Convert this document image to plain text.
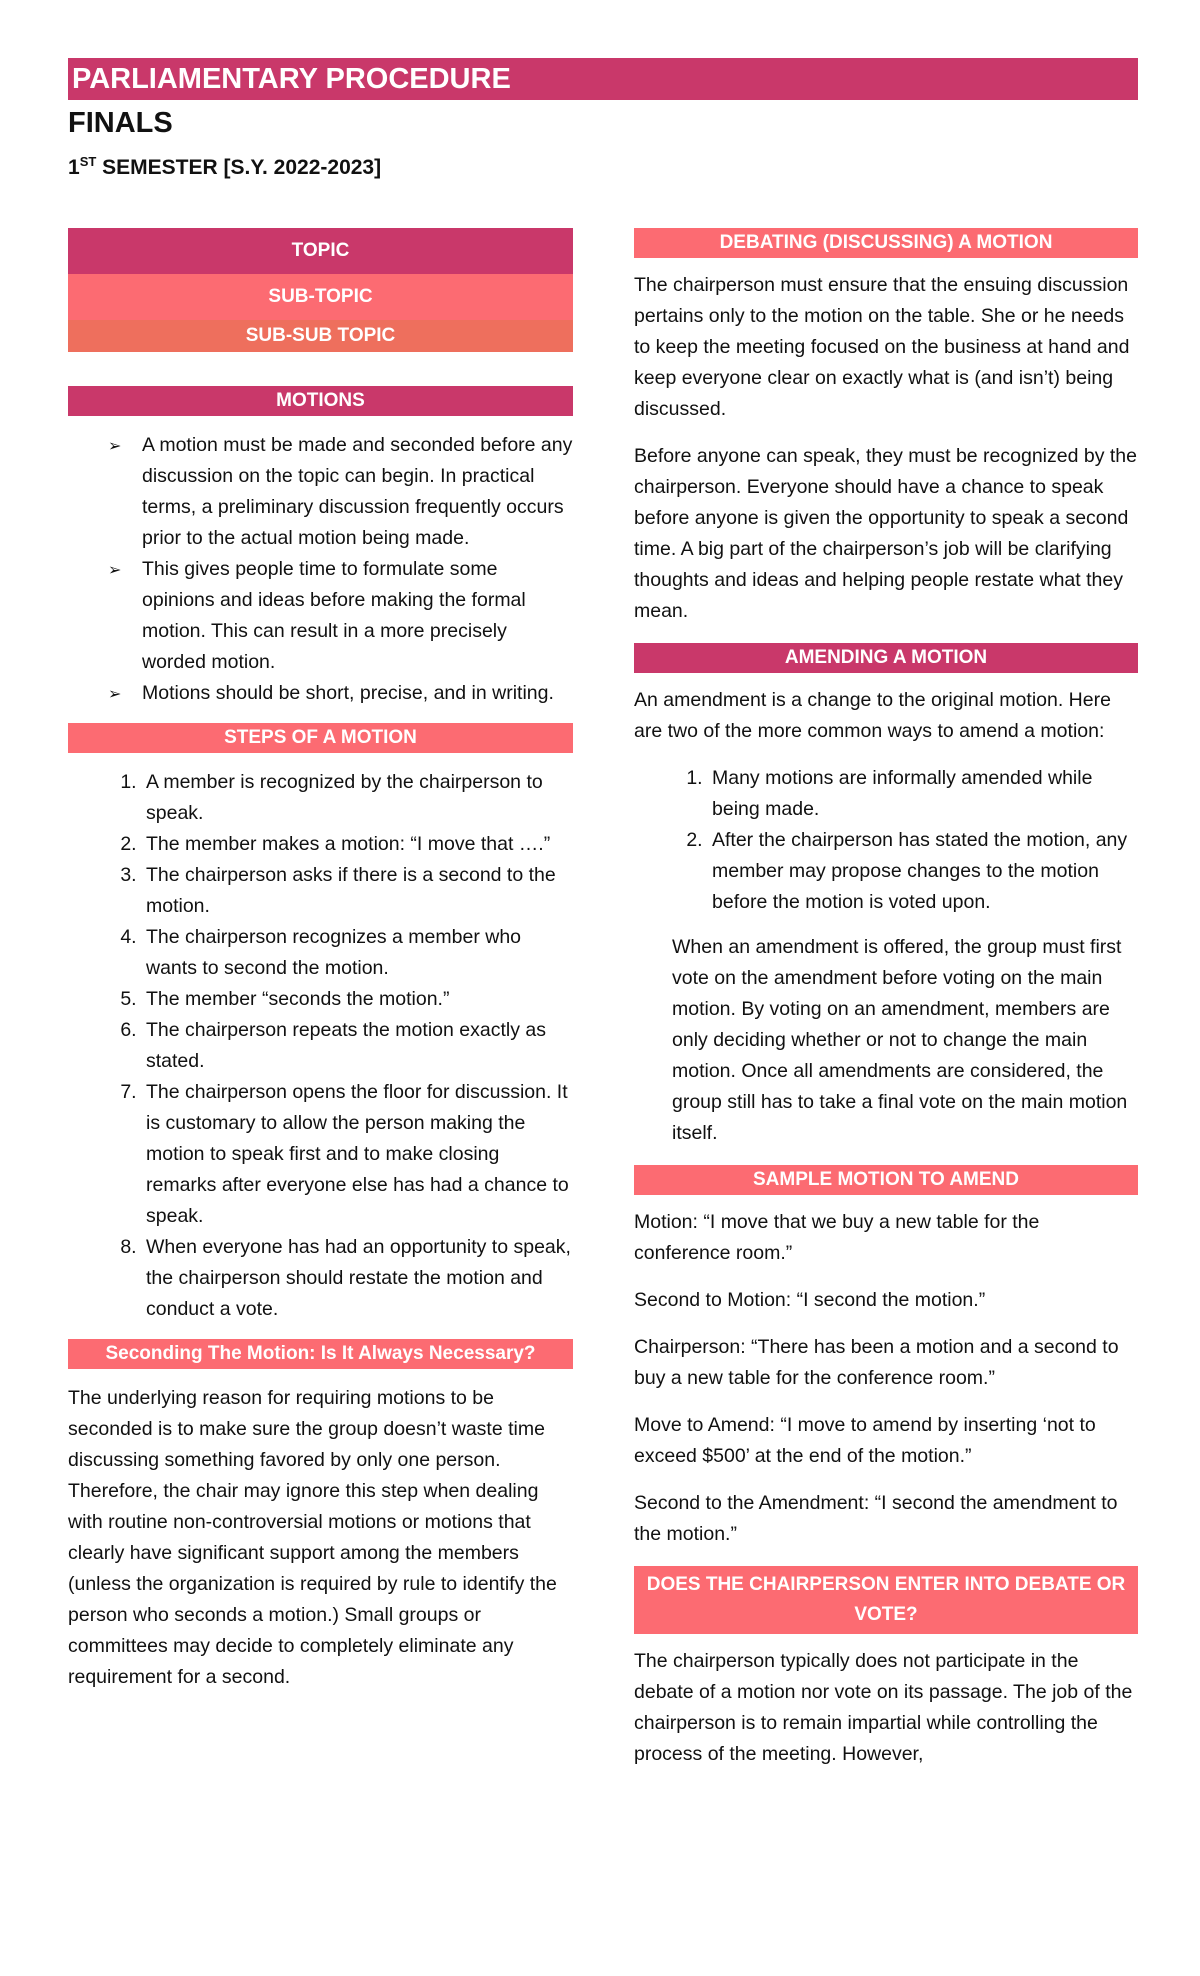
PARLIAMENTARY PROCEDURE
FINALS
1ST SEMESTER [S.Y. 2022-2023]
TOPIC
SUB-TOPIC
SUB-SUB TOPIC
MOTIONS
➢ A motion must be made and seconded before any discussion on the topic can begin. In practical terms, a preliminary discussion frequently occurs prior to the actual motion being made.
➢ This gives people time to formulate some opinions and ideas before making the formal motion. This can result in a more precisely worded motion.
➢ Motions should be short, precise, and in writing.
STEPS OF A MOTION
1. A member is recognized by the chairperson to speak.
2. The member makes a motion: “I move that ….”
3. The chairperson asks if there is a second to the motion.
4. The chairperson recognizes a member who wants to second the motion.
5. The member “seconds the motion.”
6. The chairperson repeats the motion exactly as stated.
7. The chairperson opens the floor for discussion. It is customary to allow the person making the motion to speak first and to make closing remarks after everyone else has had a chance to speak.
8. When everyone has had an opportunity to speak, the chairperson should restate the motion and conduct a vote.
Seconding The Motion: Is It Always Necessary?

The underlying reason for requiring motions to be seconded is to make sure the group doesn’t waste time discussing something favored by only one person. Therefore, the chair may ignore this step when dealing with routine non-controversial motions or motions that clearly have significant support among the members (unless the organization is required by rule to identify the person who seconds a motion.) Small groups or committees may decide to completely eliminate any requirement for a second.

DEBATING (DISCUSSING) A MOTION

The chairperson must ensure that the ensuing discussion pertains only to the motion on the table. She or he needs to keep the meeting focused on the business at hand and keep everyone clear on exactly what is (and isn’t) being discussed.

Before anyone can speak, they must be recognized by the chairperson. Everyone should have a chance to speak before anyone is given the opportunity to speak a second time. A big part of the chairperson’s job will be clarifying thoughts and ideas and helping people restate what they mean.

AMENDING A MOTION

An amendment is a change to the original motion. Here are two of the more common ways to amend a motion:

1. Many motions are informally amended while being made.
2. After the chairperson has stated the motion, any member may propose changes to the motion before the motion is voted upon.

When an amendment is offered, the group must first vote on the amendment before voting on the main motion. By voting on an amendment, members are only deciding whether or not to change the main motion. Once all amendments are considered, the group still has to take a final vote on the main motion itself.

SAMPLE MOTION TO AMEND

Motion: “I move that we buy a new table for the conference room.”

Second to Motion: “I second the motion.”

Chairperson: “There has been a motion and a second to buy a new table for the conference room.”

Move to Amend: “I move to amend by inserting ‘not to exceed $500’ at the end of the motion.”

Second to the Amendment: “I second the amendment to the motion.”

DOES THE CHAIRPERSON ENTER INTO DEBATE OR VOTE?

The chairperson typically does not participate in the debate of a motion nor vote on its passage. The job of the chairperson is to remain impartial while controlling the process of the meeting. However,
